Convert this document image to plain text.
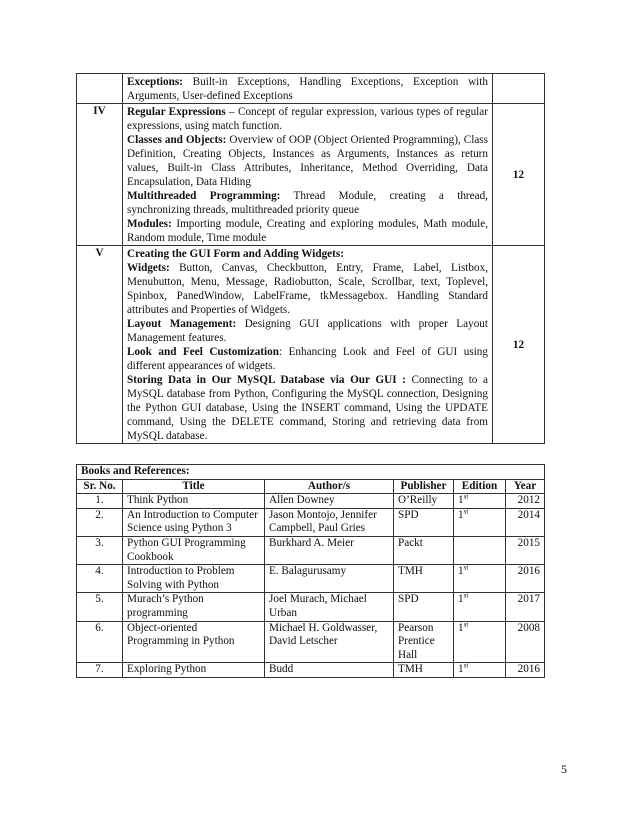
	Exceptions: Built-in Exceptions, Handling Exceptions, Exception with Arguments, User-defined Exceptions	

IV	Regular Expressions – Concept of regular expression, various types of regular expressions, using match function.
Classes and Objects: Overview of OOP (Object Oriented Programming), Class Definition, Creating Objects, Instances as Arguments, Instances as return values, Built-in Class Attributes, Inheritance, Method Overriding, Data Encapsulation, Data Hiding
Multithreaded Programming: Thread Module, creating a thread, synchronizing threads, multithreaded priority queue
Modules: Importing module, Creating and exploring modules, Math module, Random module, Time module	12
V	Creating the GUI Form and Adding Widgets:
Widgets: Button, Canvas, Checkbutton, Entry, Frame, Label, Listbox, Menubutton, Menu, Message, Radiobutton, Scale, Scrollbar, text, Toplevel, Spinbox, PanedWindow, LabelFrame, tkMessagebox. Handling Standard attributes and Properties of Widgets.
Layout Management: Designing GUI applications with proper Layout Management features.
Look and Feel Customization: Enhancing Look and Feel of GUI using different appearances of widgets.
Storing Data in Our MySQL Database via Our GUI : Connecting to a MySQL database from Python, Configuring the MySQL connection, Designing the Python GUI database, Using the INSERT command, Using the UPDATE command, Using the DELETE command, Storing and retrieving data from MySQL database.	12
Books and References:					
Sr. No.	Title	Author/s	Publisher	Edition	Year
1.	Think Python	Allen Downey	O’Reilly	1st	2012
2.	An Introduction to Computer Science using Python 3	Jason Montojo, Jennifer Campbell, Paul Gries	SPD	1st	2014
3.	Python GUI Programming Cookbook	Burkhard A. Meier	Packt		2015
4.	Introduction to Problem Solving with Python	E. Balagurusamy	TMH	1st	2016
5.	Murach’s Python programming	Joel Murach, Michael Urban	SPD	1st	2017
6.	Object-oriented Programming in Python	Michael H. Goldwasser, David Letscher	Pearson Prentice Hall	1st	2008
7.	Exploring Python	Budd	TMH	1st	2016
5
